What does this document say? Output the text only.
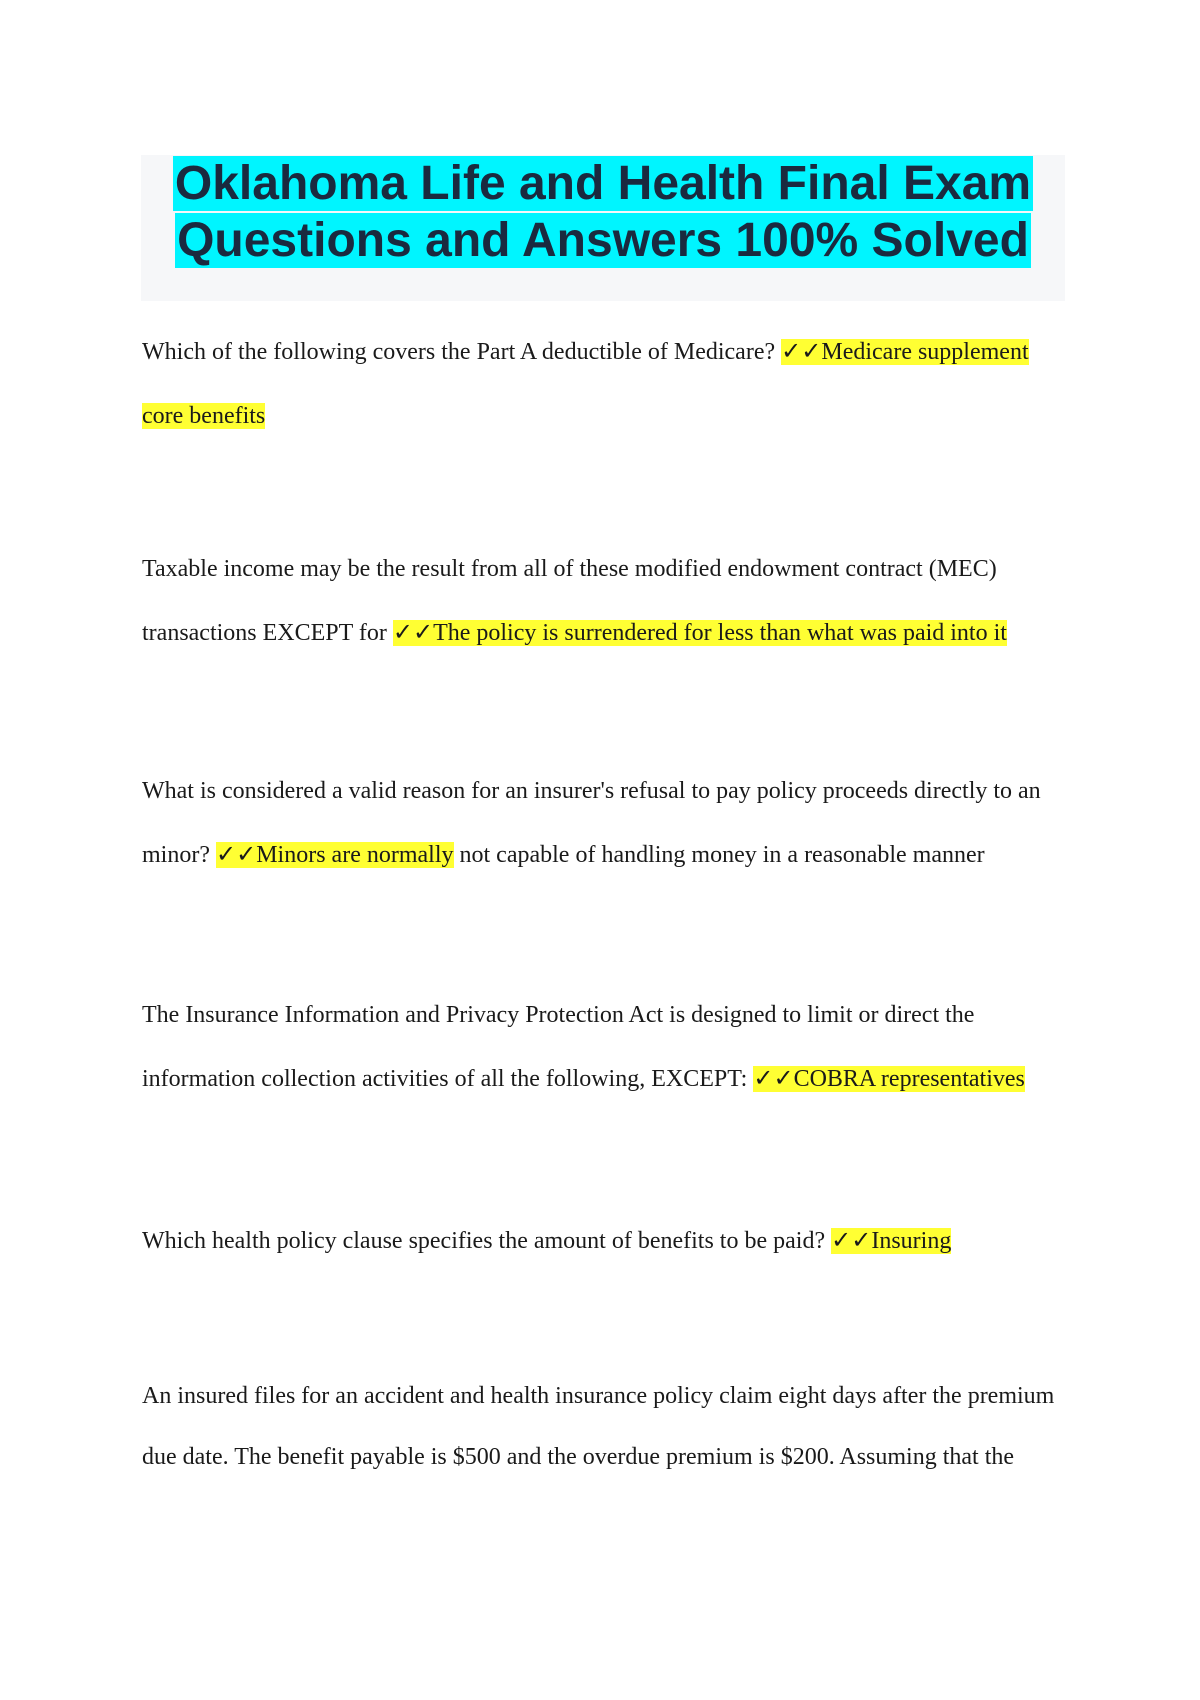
Oklahoma Life and Health Final Exam
Questions and Answers 100% Solved

Which of the following covers the Part A deductible of Medicare? ✓✓Medicare supplement core benefits

Taxable income may be the result from all of these modified endowment contract (MEC) transactions EXCEPT for ✓✓The policy is surrendered for less than what was paid into it

What is considered a valid reason for an insurer's refusal to pay policy proceeds directly to an minor? ✓✓Minors are normally not capable of handling money in a reasonable manner

The Insurance Information and Privacy Protection Act is designed to limit or direct the information collection activities of all the following, EXCEPT: ✓✓COBRA representatives

Which health policy clause specifies the amount of benefits to be paid? ✓✓Insuring

An insured files for an accident and health insurance policy claim eight days after the premium due date. The benefit payable is $500 and the overdue premium is $200. Assuming that the
